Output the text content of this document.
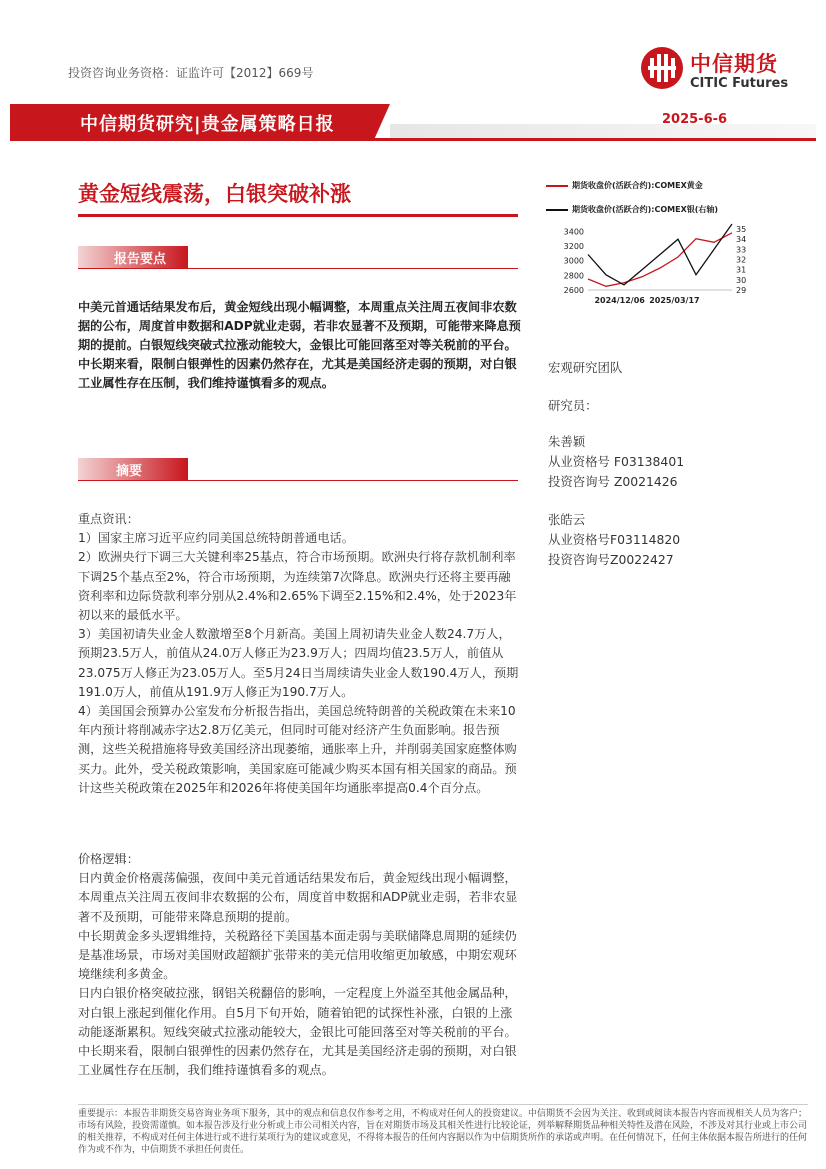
投资咨询业务资格：证监许可【2012】669号	中信期货
CITIC Futures
中信期货研究|贵金属策略日报	2025-6-6
黄金短线震荡，白银突破补涨
报告要点
中美元首通话结果发布后，黄金短线出现小幅调整，本周重点关注周五夜间非农数据的公布，周度首申数据和ADP就业走弱，若非农显著不及预期，可能带来降息预期的提前。白银短线突破式拉涨动能较大，金银比可能回落至对等关税前的平台。中长期来看，限制白银弹性的因素仍然存在，尤其是美国经济走弱的预期，对白银工业属性存在压制，我们维持谨慎看多的观点。
摘要

重点资讯：

1）国家主席习近平应约同美国总统特朗普通电话。

2）欧洲央行下调三大关键利率25基点，符合市场预期。欧洲央行将存款机制利率下调25个基点至2%，符合市场预期，为连续第7次降息。欧洲央行还将主要再融资利率和边际贷款利率分别从2.4%和2.65%下调至2.15%和2.4%，处于2023年初以来的最低水平。

3）美国初请失业金人数激增至8个月新高。美国上周初请失业金人数24.7万人，预期23.5万人，前值从24.0万人修正为23.9万人；四周均值23.5万人，前值从23.075万人修正为23.05万人。至5月24日当周续请失业金人数190.4万人，预期191.0万人，前值从191.9万人修正为190.7万人。

4）美国国会预算办公室发布分析报告指出，美国总统特朗普的关税政策在未来10年内预计将削减赤字达2.8万亿美元，但同时可能对经济产生负面影响。报告预测，这些关税措施将导致美国经济出现萎缩，通胀率上升，并削弱美国家庭整体购买力。此外，受关税政策影响，美国家庭可能减少购买本国有相关国家的商品。预计这些关税政策在2025年和2026年将使美国年均通胀率提高0.4个百分点。

价格逻辑：

日内黄金价格震荡偏强，夜间中美元首通话结果发布后，黄金短线出现小幅调整，本周重点关注周五夜间非农数据的公布，周度首申数据和ADP就业走弱，若非农显著不及预期，可能带来降息预期的提前。

中长期黄金多头逻辑维持，关税路径下美国基本面走弱与美联储降息周期的延续仍是基准场景，市场对美国财政超额扩张带来的美元信用收缩更加敏感，中期宏观环境继续利多黄金。

日内白银价格突破拉涨，钢铝关税翻倍的影响，一定程度上外溢至其他金属品种，对白银上涨起到催化作用。自5月下旬开始，随着铂钯的试探性补涨，白银的上涨动能逐渐累积。短线突破式拉涨动能较大，金银比可能回落至对等关税前的平台。中长期来看，限制白银弹性的因素仍然存在，尤其是美国经济走弱的预期，对白银工业属性存在压制，我们维持谨慎看多的观点。

期货收盘价(活跃合约):COMEX黄金
期货收盘价(活跃合约):COMEX银(右轴)
3400
3200
3000
2800
2600
35
34
33
32
31
30
29
2024/12/06 2025/03/17
宏观研究团队
研究员：
朱善颖
从业资格号 F03138401
投资咨询号 Z0021426
张皓云
从业资格号F03114820
投资咨询号Z0022427
重要提示：本报告非期货交易咨询业务项下服务，其中的观点和信息仅作参考之用，不构成对任何人的投资建议。中信期货不会因为关注、收到或阅读本报告内容而视相关人员为客户；市场有风险，投资需谨慎。如本报告涉及行业分析或上市公司相关内容，旨在对期货市场及其相关性进行比较论证，列举解释期货品种相关特性及潜在风险，不涉及对其行业或上市公司的相关推荐，不构成对任何主体进行或不进行某项行为的建议或意见，不得将本报告的任何内容据以作为中信期货所作的承诺或声明。在任何情况下，任何主体依据本报告所进行的任何作为或不作为，中信期货不承担任何责任。
